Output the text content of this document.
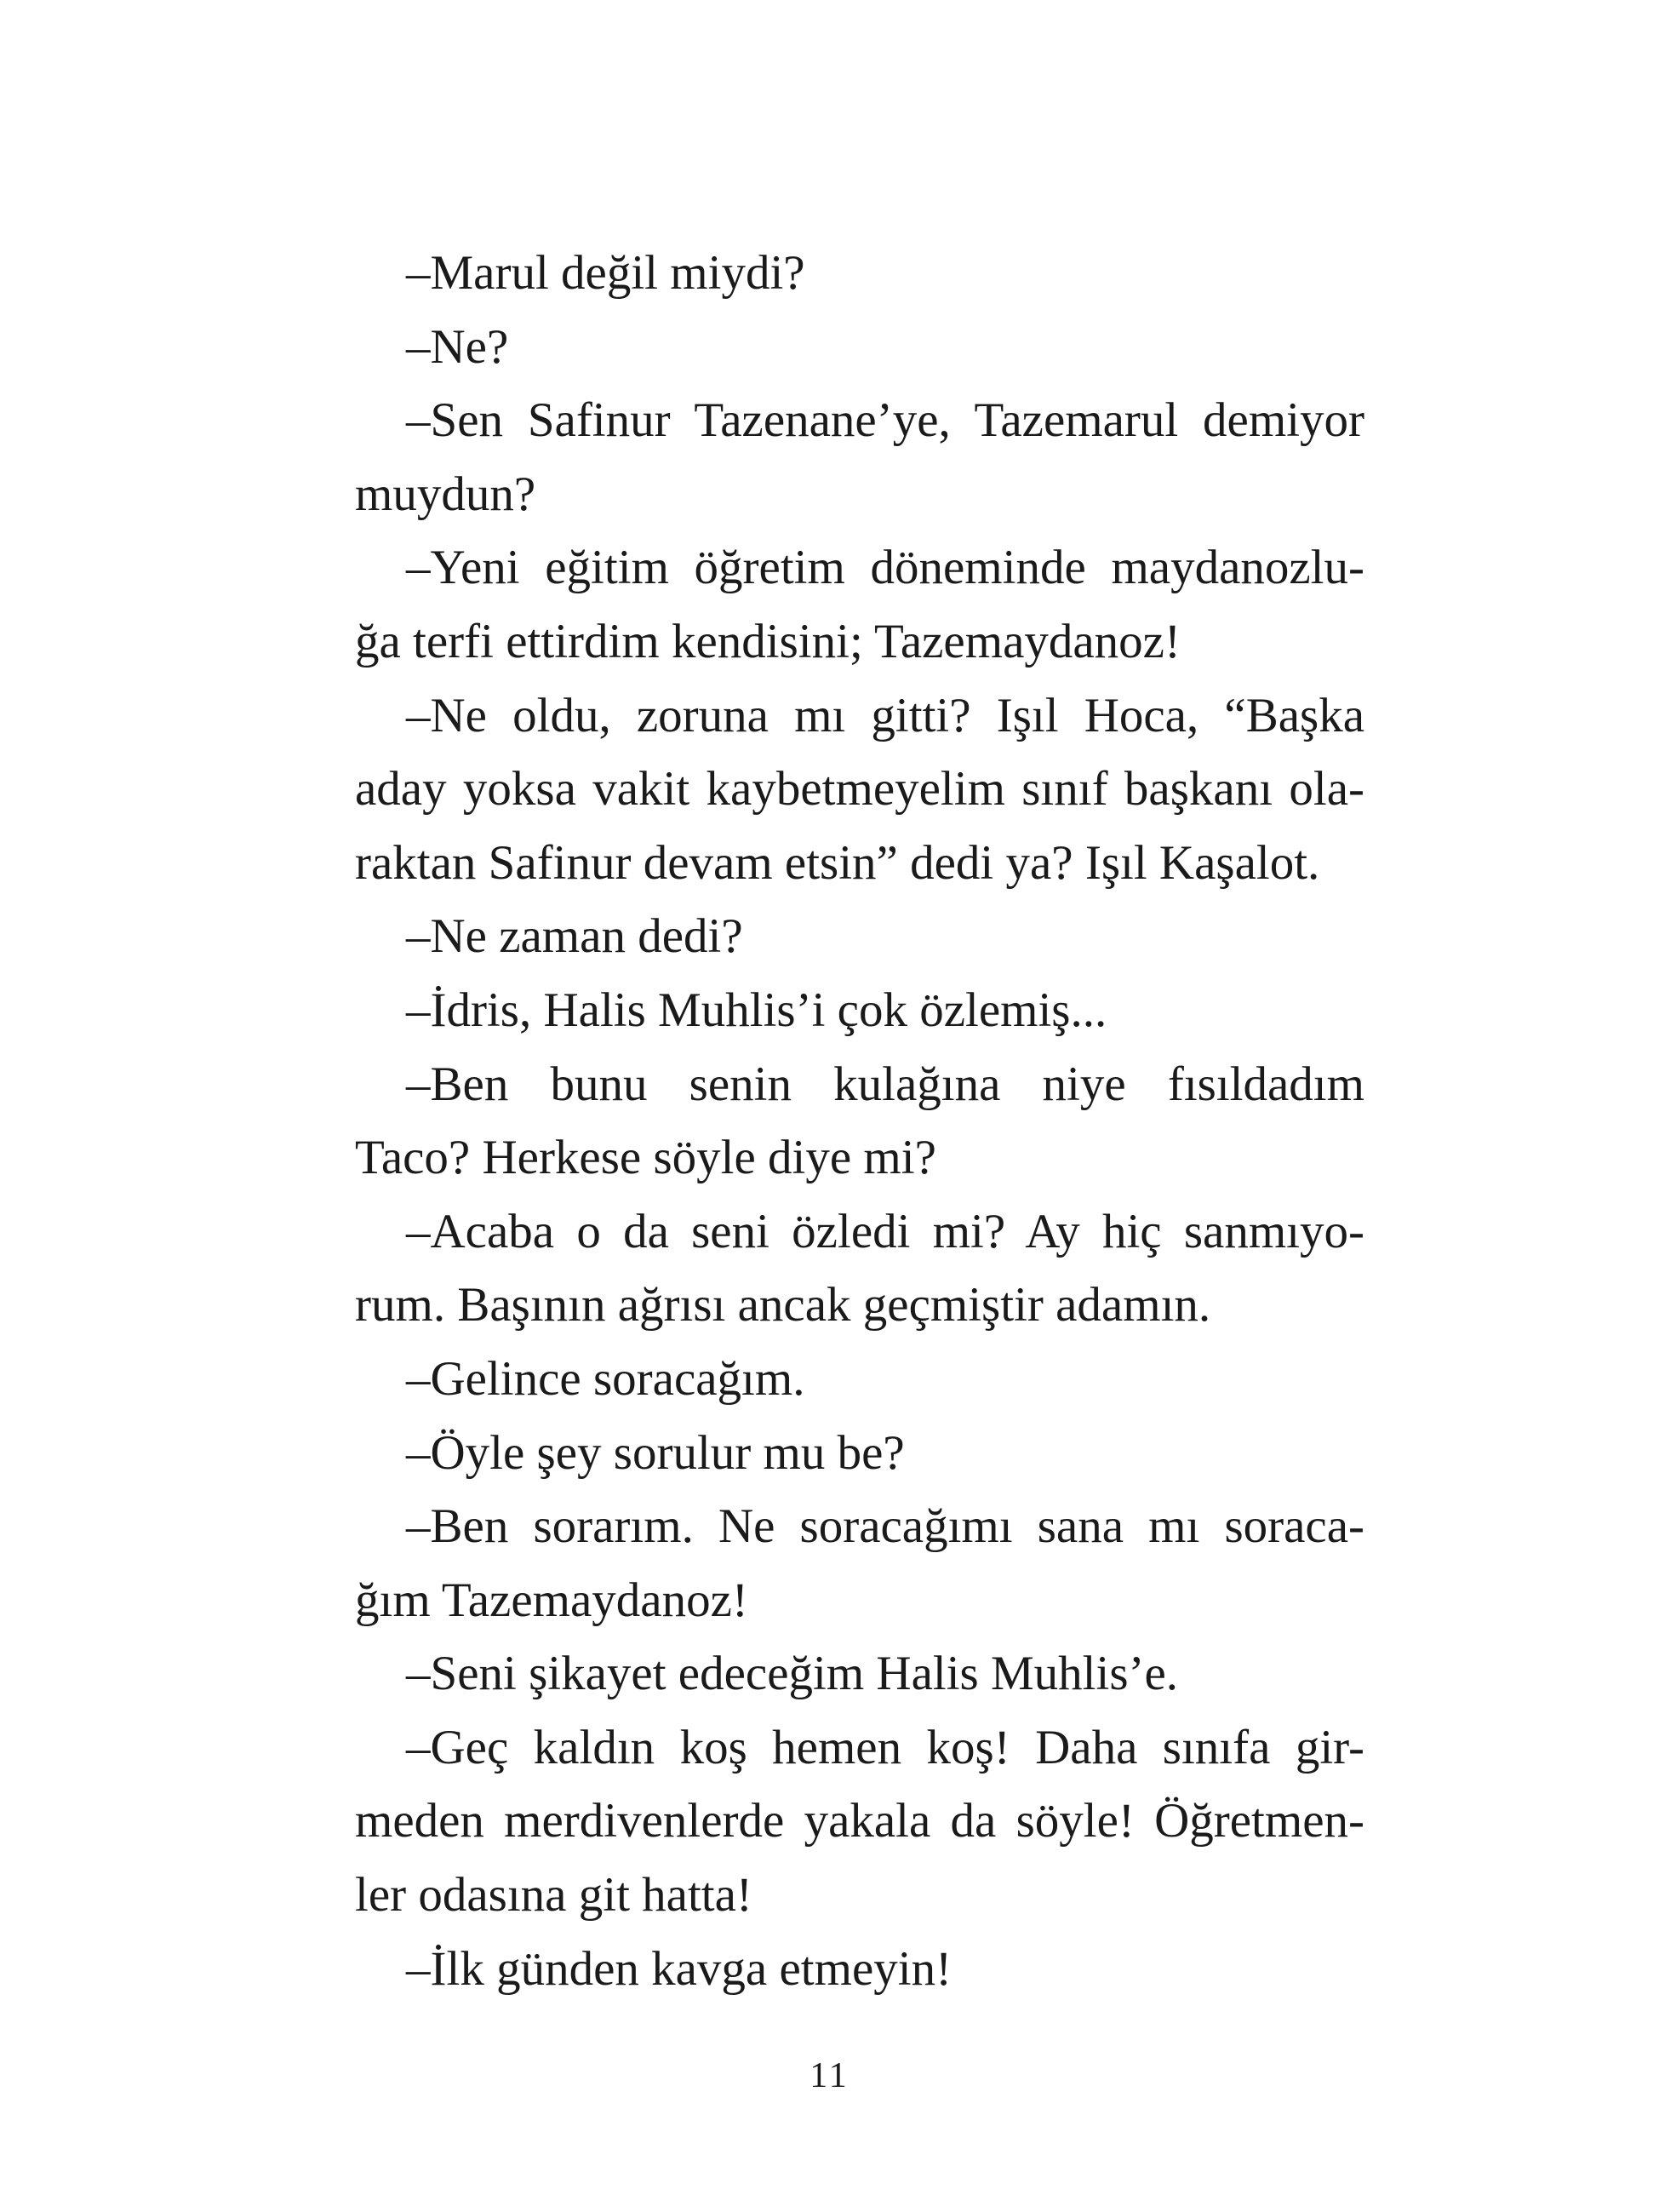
–Marul değil miydi?
–Ne?
–Sen Safinur Tazenane’ye, Tazemarul demiyor
muydun?
–Yeni eğitim öğretim döneminde maydanozlu-
ğa terfi ettirdim kendisini; Tazemaydanoz!
–Ne oldu, zoruna mı gitti? Işıl Hoca, “Başka
aday yoksa vakit kaybetmeyelim sınıf başkanı ola-
raktan Safinur devam etsin” dedi ya? Işıl Kaşalot.
–Ne zaman dedi?
–İdris, Halis Muhlis’i çok özlemiş...
–Ben bunu senin kulağına niye fısıldadım
Taco? Herkese söyle diye mi?
–Acaba o da seni özledi mi? Ay hiç sanmıyo-
rum. Başının ağrısı ancak geçmiştir adamın.
–Gelince soracağım.
–Öyle şey sorulur mu be?
–Ben sorarım. Ne soracağımı sana mı soraca-
ğım Tazemaydanoz!
–Seni şikayet edeceğim Halis Muhlis’e.
–Geç kaldın koş hemen koş! Daha sınıfa gir-
meden merdivenlerde yakala da söyle! Öğretmen-
ler odasına git hatta!
–İlk günden kavga etmeyin!
11
